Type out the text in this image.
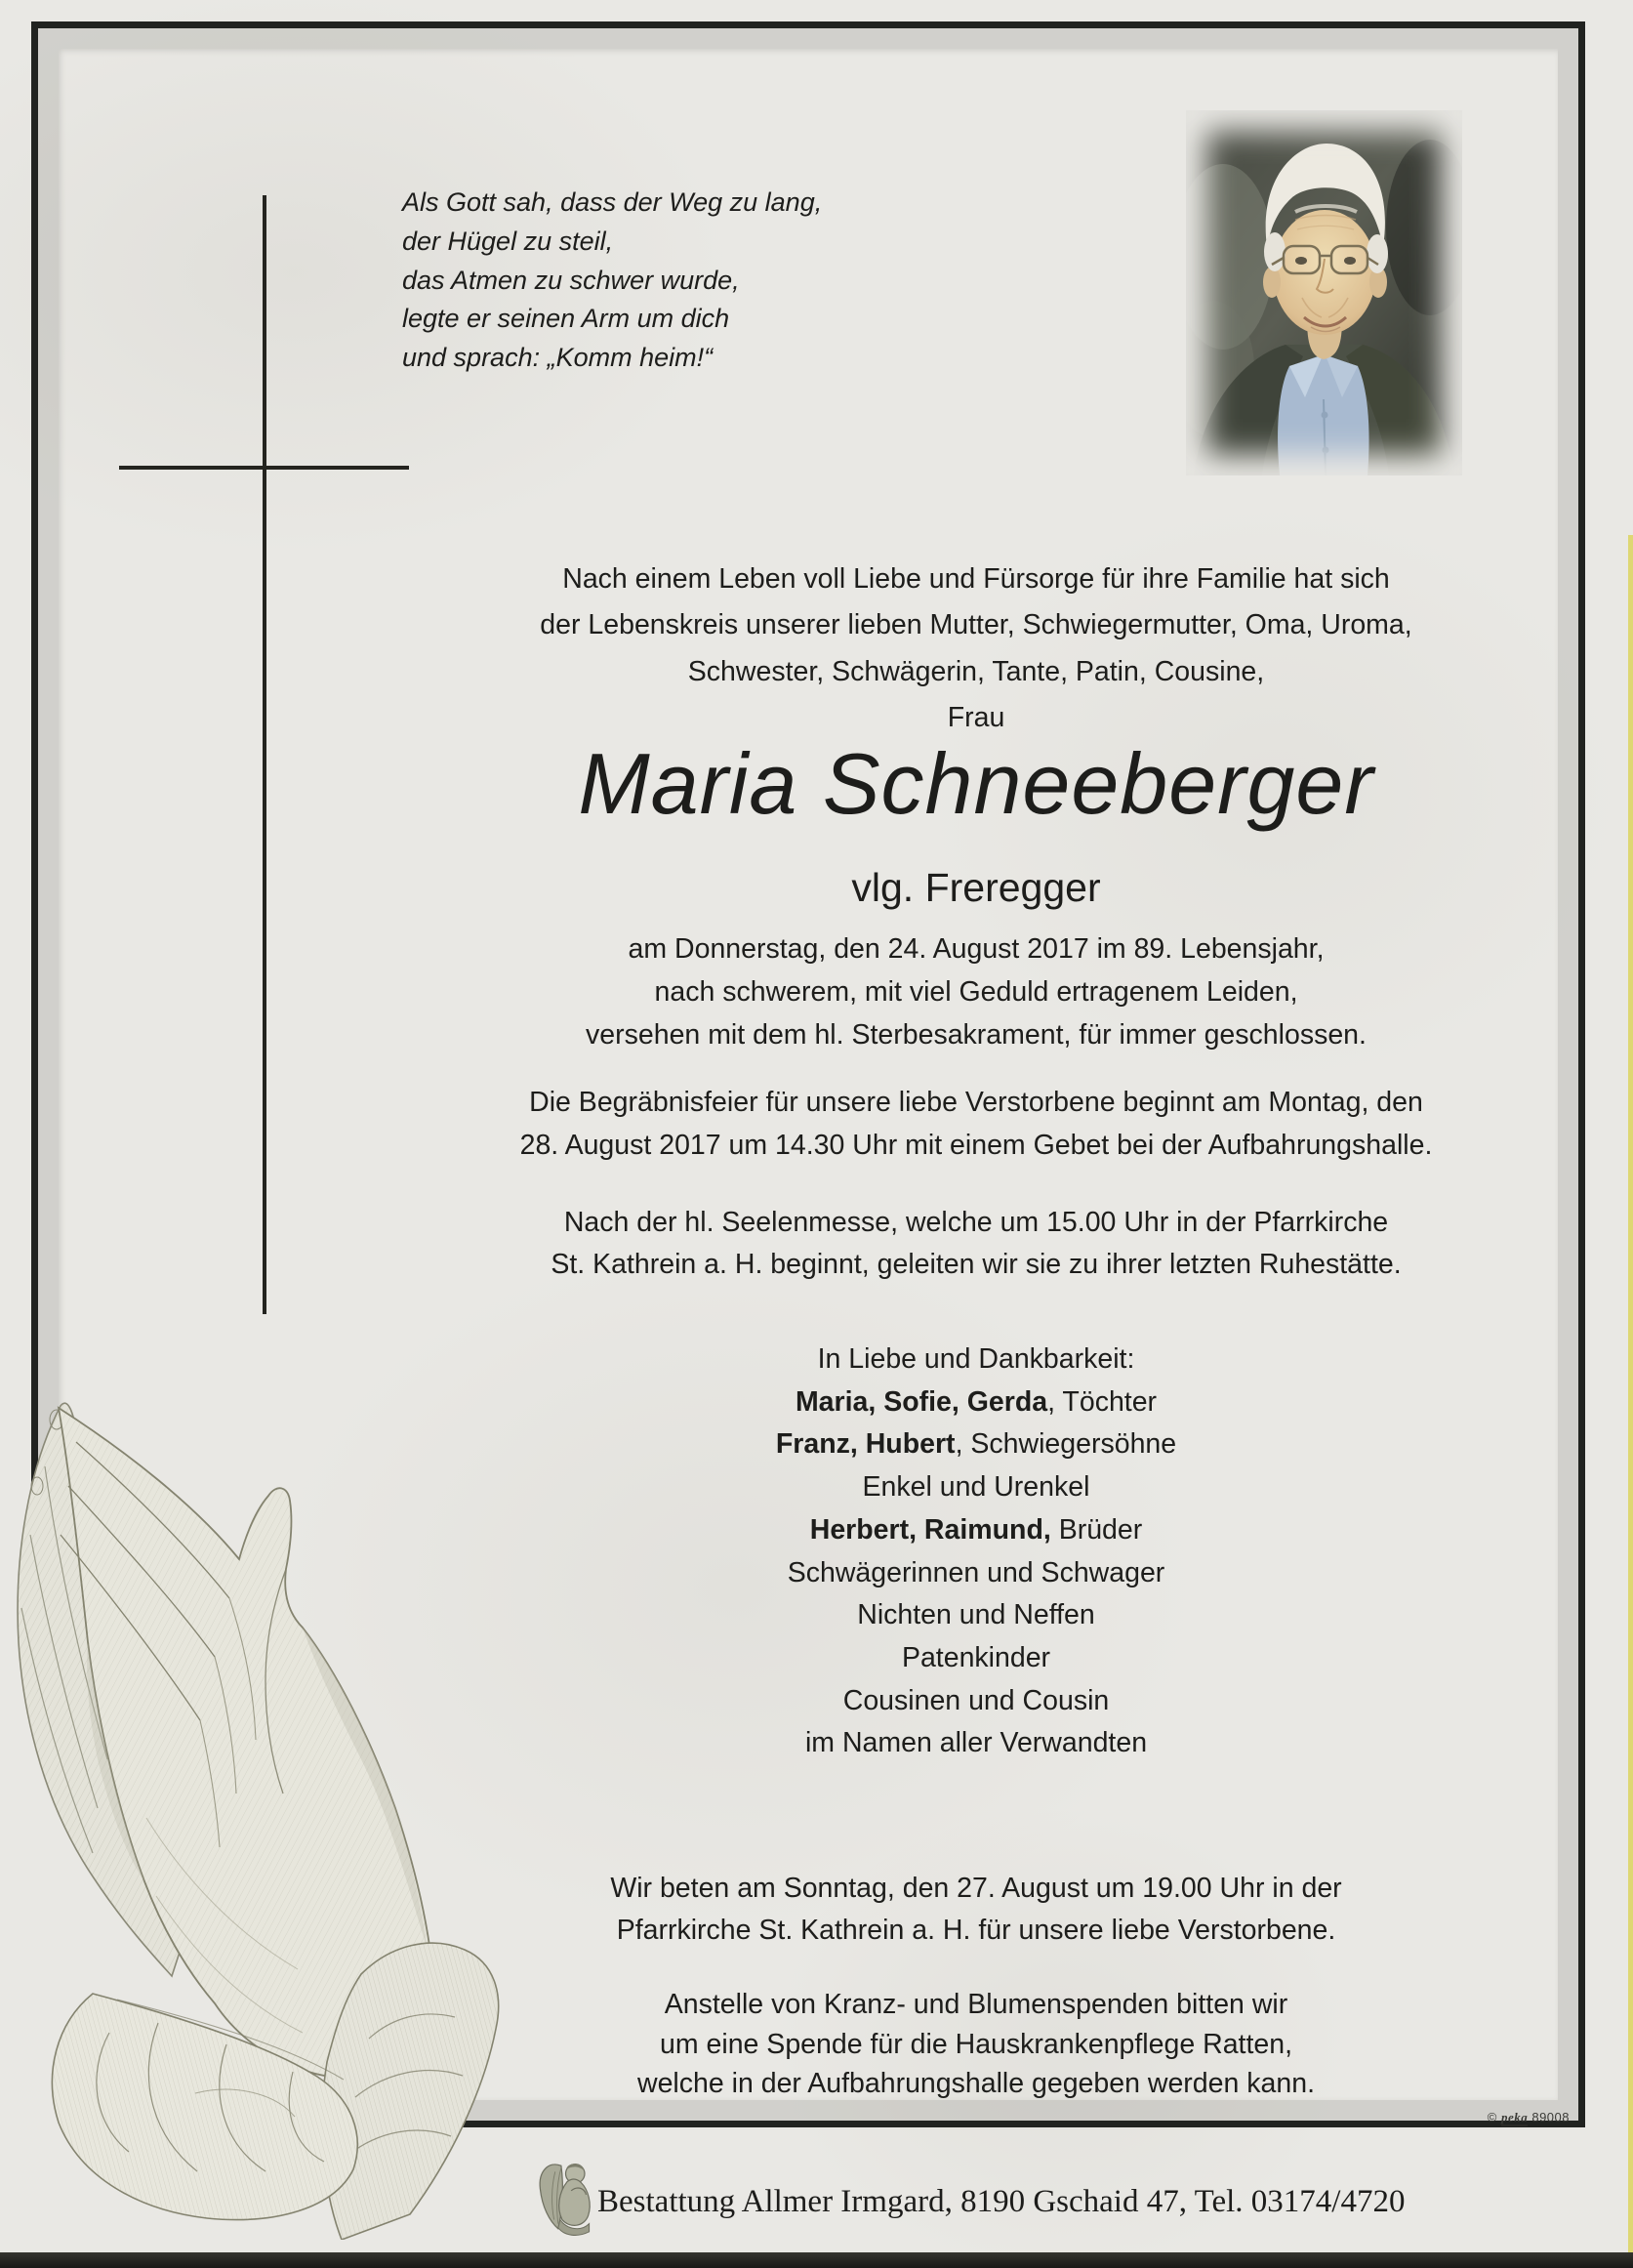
Als Gott sah, dass der Weg zu lang,
der Hügel zu steil,
das Atmen zu schwer wurde,
legte er seinen Arm um dich
und sprach: „Komm heim!“
Nach einem Leben voll Liebe und Fürsorge für ihre Familie hat sich
der Lebenskreis unserer lieben Mutter, Schwiegermutter, Oma, Uroma,
Schwester, Schwägerin, Tante, Patin, Cousine,
Frau
Maria Schneeberger
vlg. Freregger
am Donnerstag, den 24. August 2017 im 89. Lebensjahr,
nach schwerem, mit viel Geduld ertragenem Leiden,
versehen mit dem hl. Sterbesakrament, für immer geschlossen.
Die Begräbnisfeier für unsere liebe Verstorbene beginnt am Montag, den
28. August 2017 um 14.30 Uhr mit einem Gebet bei der Aufbahrungshalle.
Nach der hl. Seelenmesse, welche um 15.00 Uhr in der Pfarrkirche
St. Kathrein a. H. beginnt, geleiten wir sie zu ihrer letzten Ruhestätte.
In Liebe und Dankbarkeit:
Maria, Sofie, Gerda, Töchter
Franz, Hubert, Schwiegersöhne
Enkel und Urenkel
Herbert, Raimund, Brüder
Schwägerinnen und Schwager
Nichten und Neffen
Patenkinder
Cousinen und Cousin
im Namen aller Verwandten
Wir beten am Sonntag, den 27. August um 19.00 Uhr in der
Pfarrkirche St. Kathrein a. H. für unsere liebe Verstorbene.
Anstelle von Kranz- und Blumenspenden bitten wir
um eine Spende für die Hauskrankenpflege Ratten,
welche in der Aufbahrungshalle gegeben werden kann.
© peka 89008
Bestattung Allmer Irmgard, 8190 Gschaid 47, Tel. 03174/4720
